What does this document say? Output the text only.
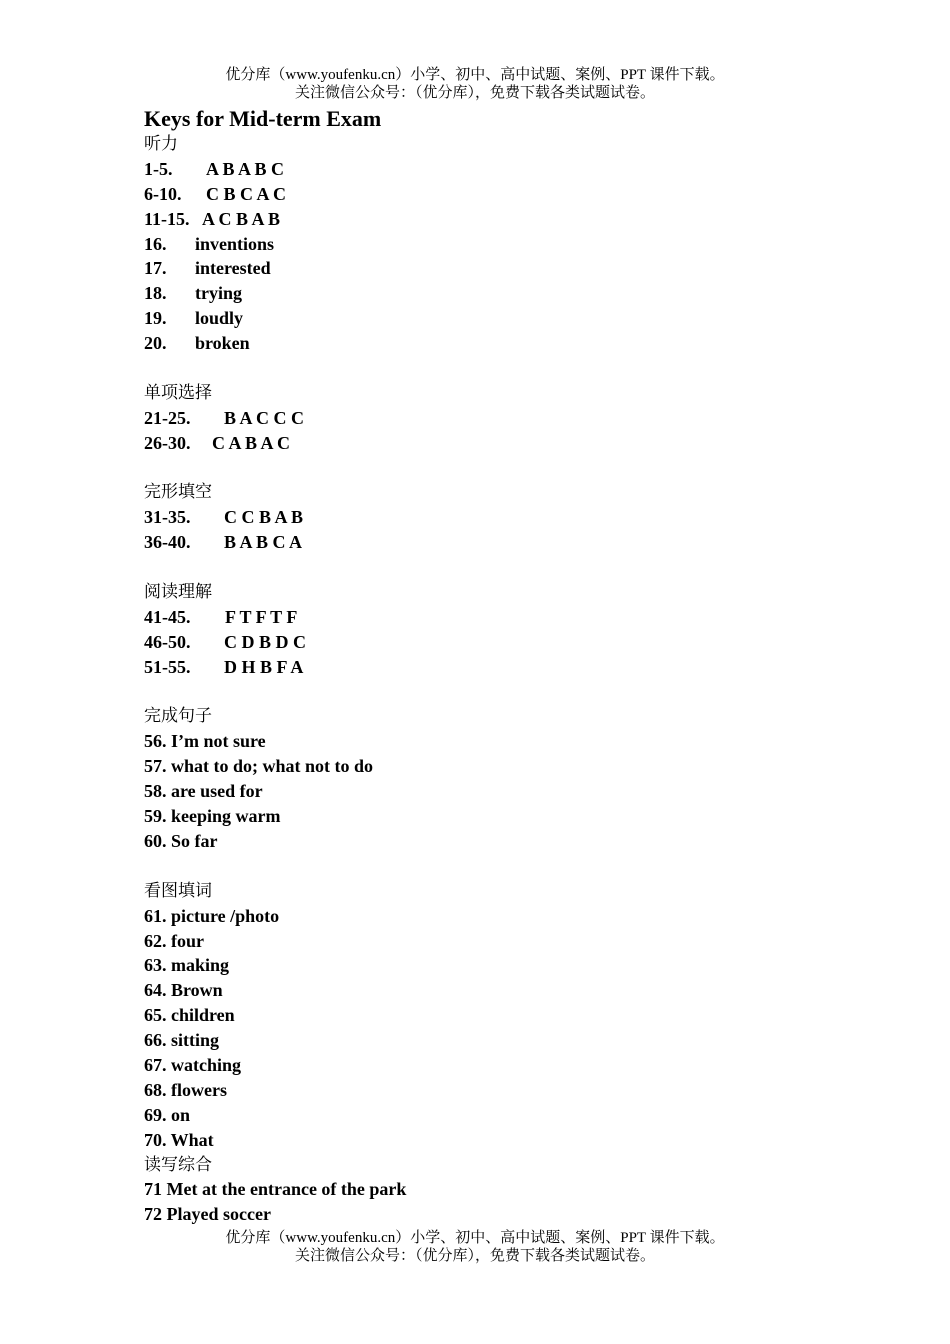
优分库（www.youfenku.cn）小学、初中、高中试题、案例、PPT 课件下载。
关注微信公众号：（优分库），免费下载各类试题试卷。
Keys for Mid-term Exam
听力
1-5. A B A B C
6-10. C B C A C
11-15. A C B A B
16. inventions
17. interested
18. trying
19. loudly
20. broken
单项选择
21-25. B A C C C
26-30. C A B A C
完形填空
31-35. C C B A B
36-40. B A B C A
阅读理解
41-45. F T F T F
46-50. C D B D C
51-55. D H B F A
完成句子
56. I’m not sure
57. what to do; what not to do
58. are used for
59. keeping warm
60. So far
看图填词
61. picture /photo
62. four
63. making
64. Brown
65. children
66. sitting
67. watching
68. flowers
69. on
70. What
读写综合
71 Met at the entrance of the park
72 Played soccer
优分库（www.youfenku.cn）小学、初中、高中试题、案例、PPT 课件下载。
关注微信公众号：（优分库），免费下载各类试题试卷。
